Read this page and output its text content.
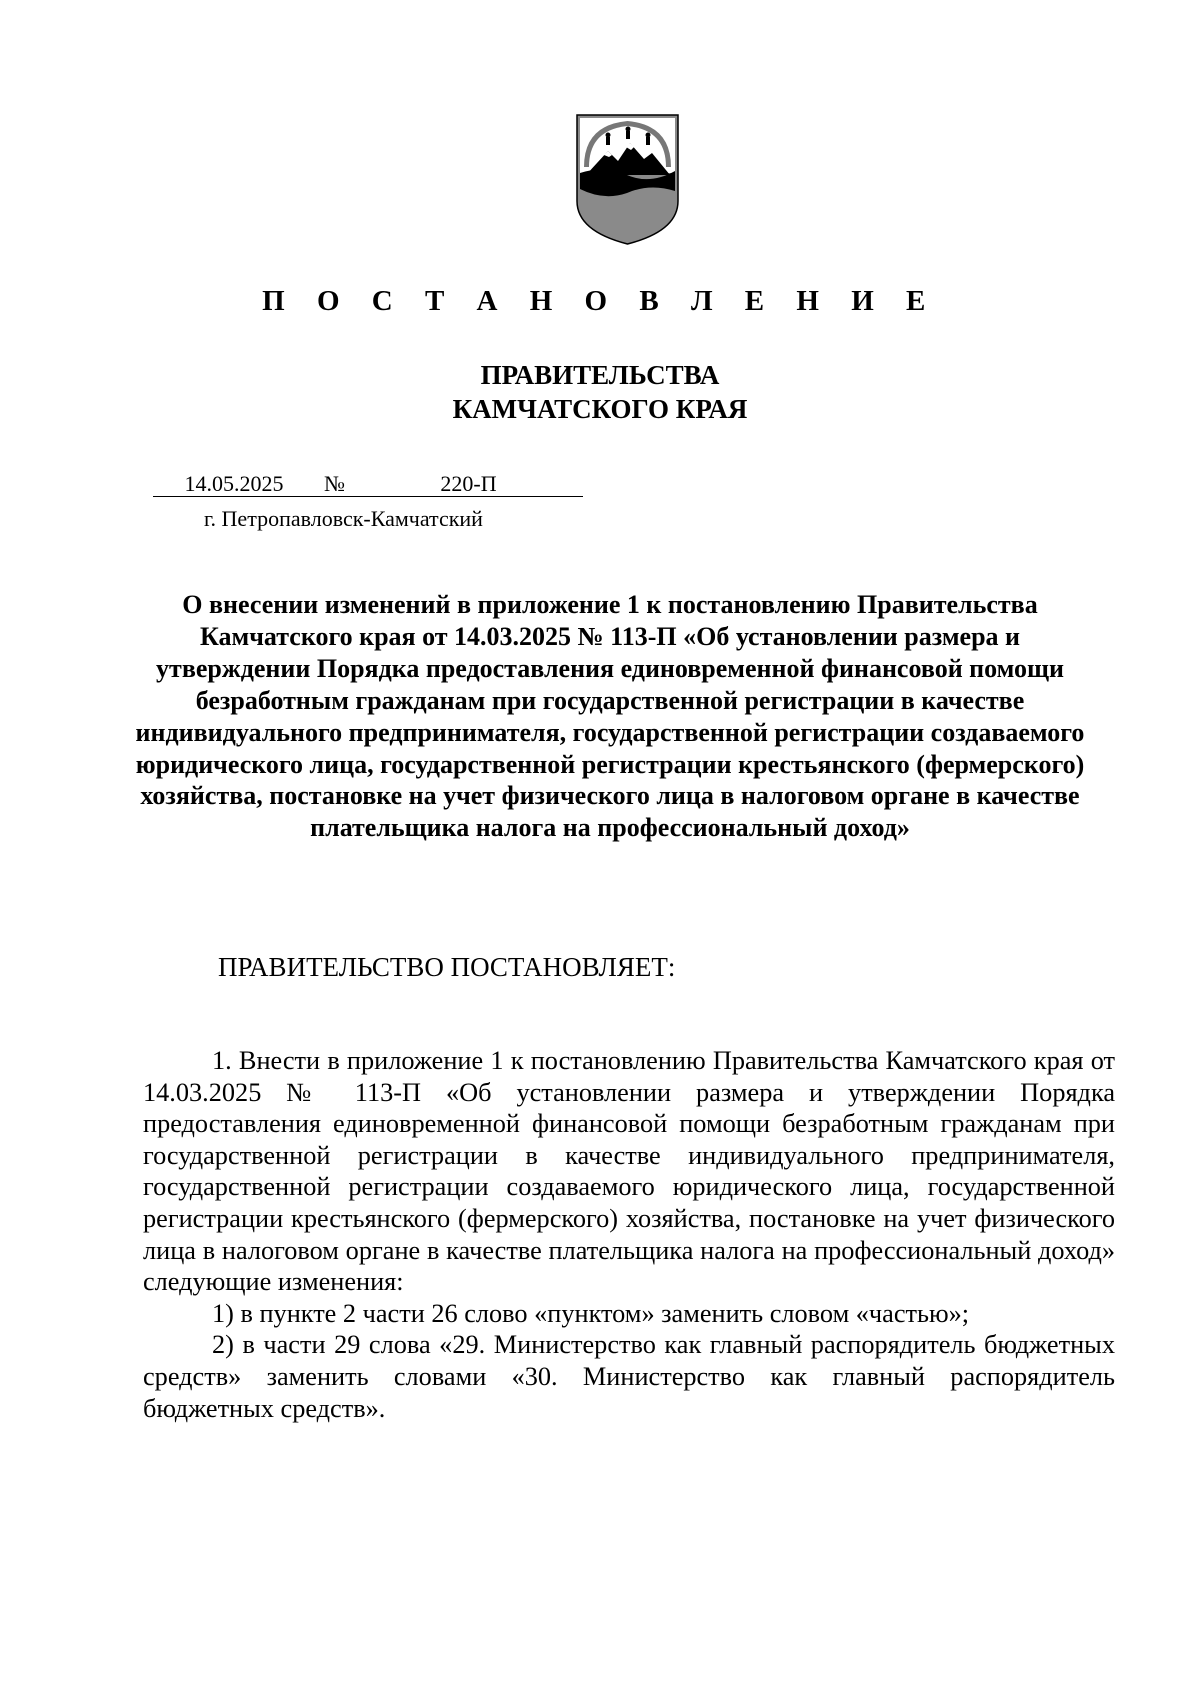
П О С Т А Н О В Л Е Н И Е
ПРАВИТЕЛЬСТВА
КАМЧАТСКОГО КРАЯ
14.05.2025	№	220-П
г. Петропавловск-Камчатский
О внесении изменений в приложение 1 к постановлению Правительства Камчатского края от 14.03.2025 № 113-П «Об установлении размера и утверждении Порядка предоставления единовременной финансовой помощи безработным гражданам при государственной регистрации в качестве индивидуального предпринимателя, государственной регистрации создаваемого юридического лица, государственной регистрации крестьянского (фермерского) хозяйства, постановке на учет физического лица в налоговом органе в качестве плательщика налога на профессиональный доход»
ПРАВИТЕЛЬСТВО ПОСТАНОВЛЯЕТ:

1. Внести в приложение 1 к постановлению Правительства Камчатского края от 14.03.2025 № 113-П «Об установлении размера и утверждении Порядка предоставления единовременной финансовой помощи безработным гражданам при государственной регистрации в качестве индивидуального предпринимателя, государственной регистрации создаваемого юридического лица, государственной регистрации крестьянского (фермерского) хозяйства, постановке на учет физического лица в налоговом органе в качестве плательщика налога на профессиональный доход» следующие изменения:

1) в пункте 2 части 26 слово «пунктом» заменить словом «частью»;

2) в части 29 слова «29. Министерство как главный распорядитель бюджетных средств» заменить словами «30. Министерство как главный распорядитель бюджетных средств».
